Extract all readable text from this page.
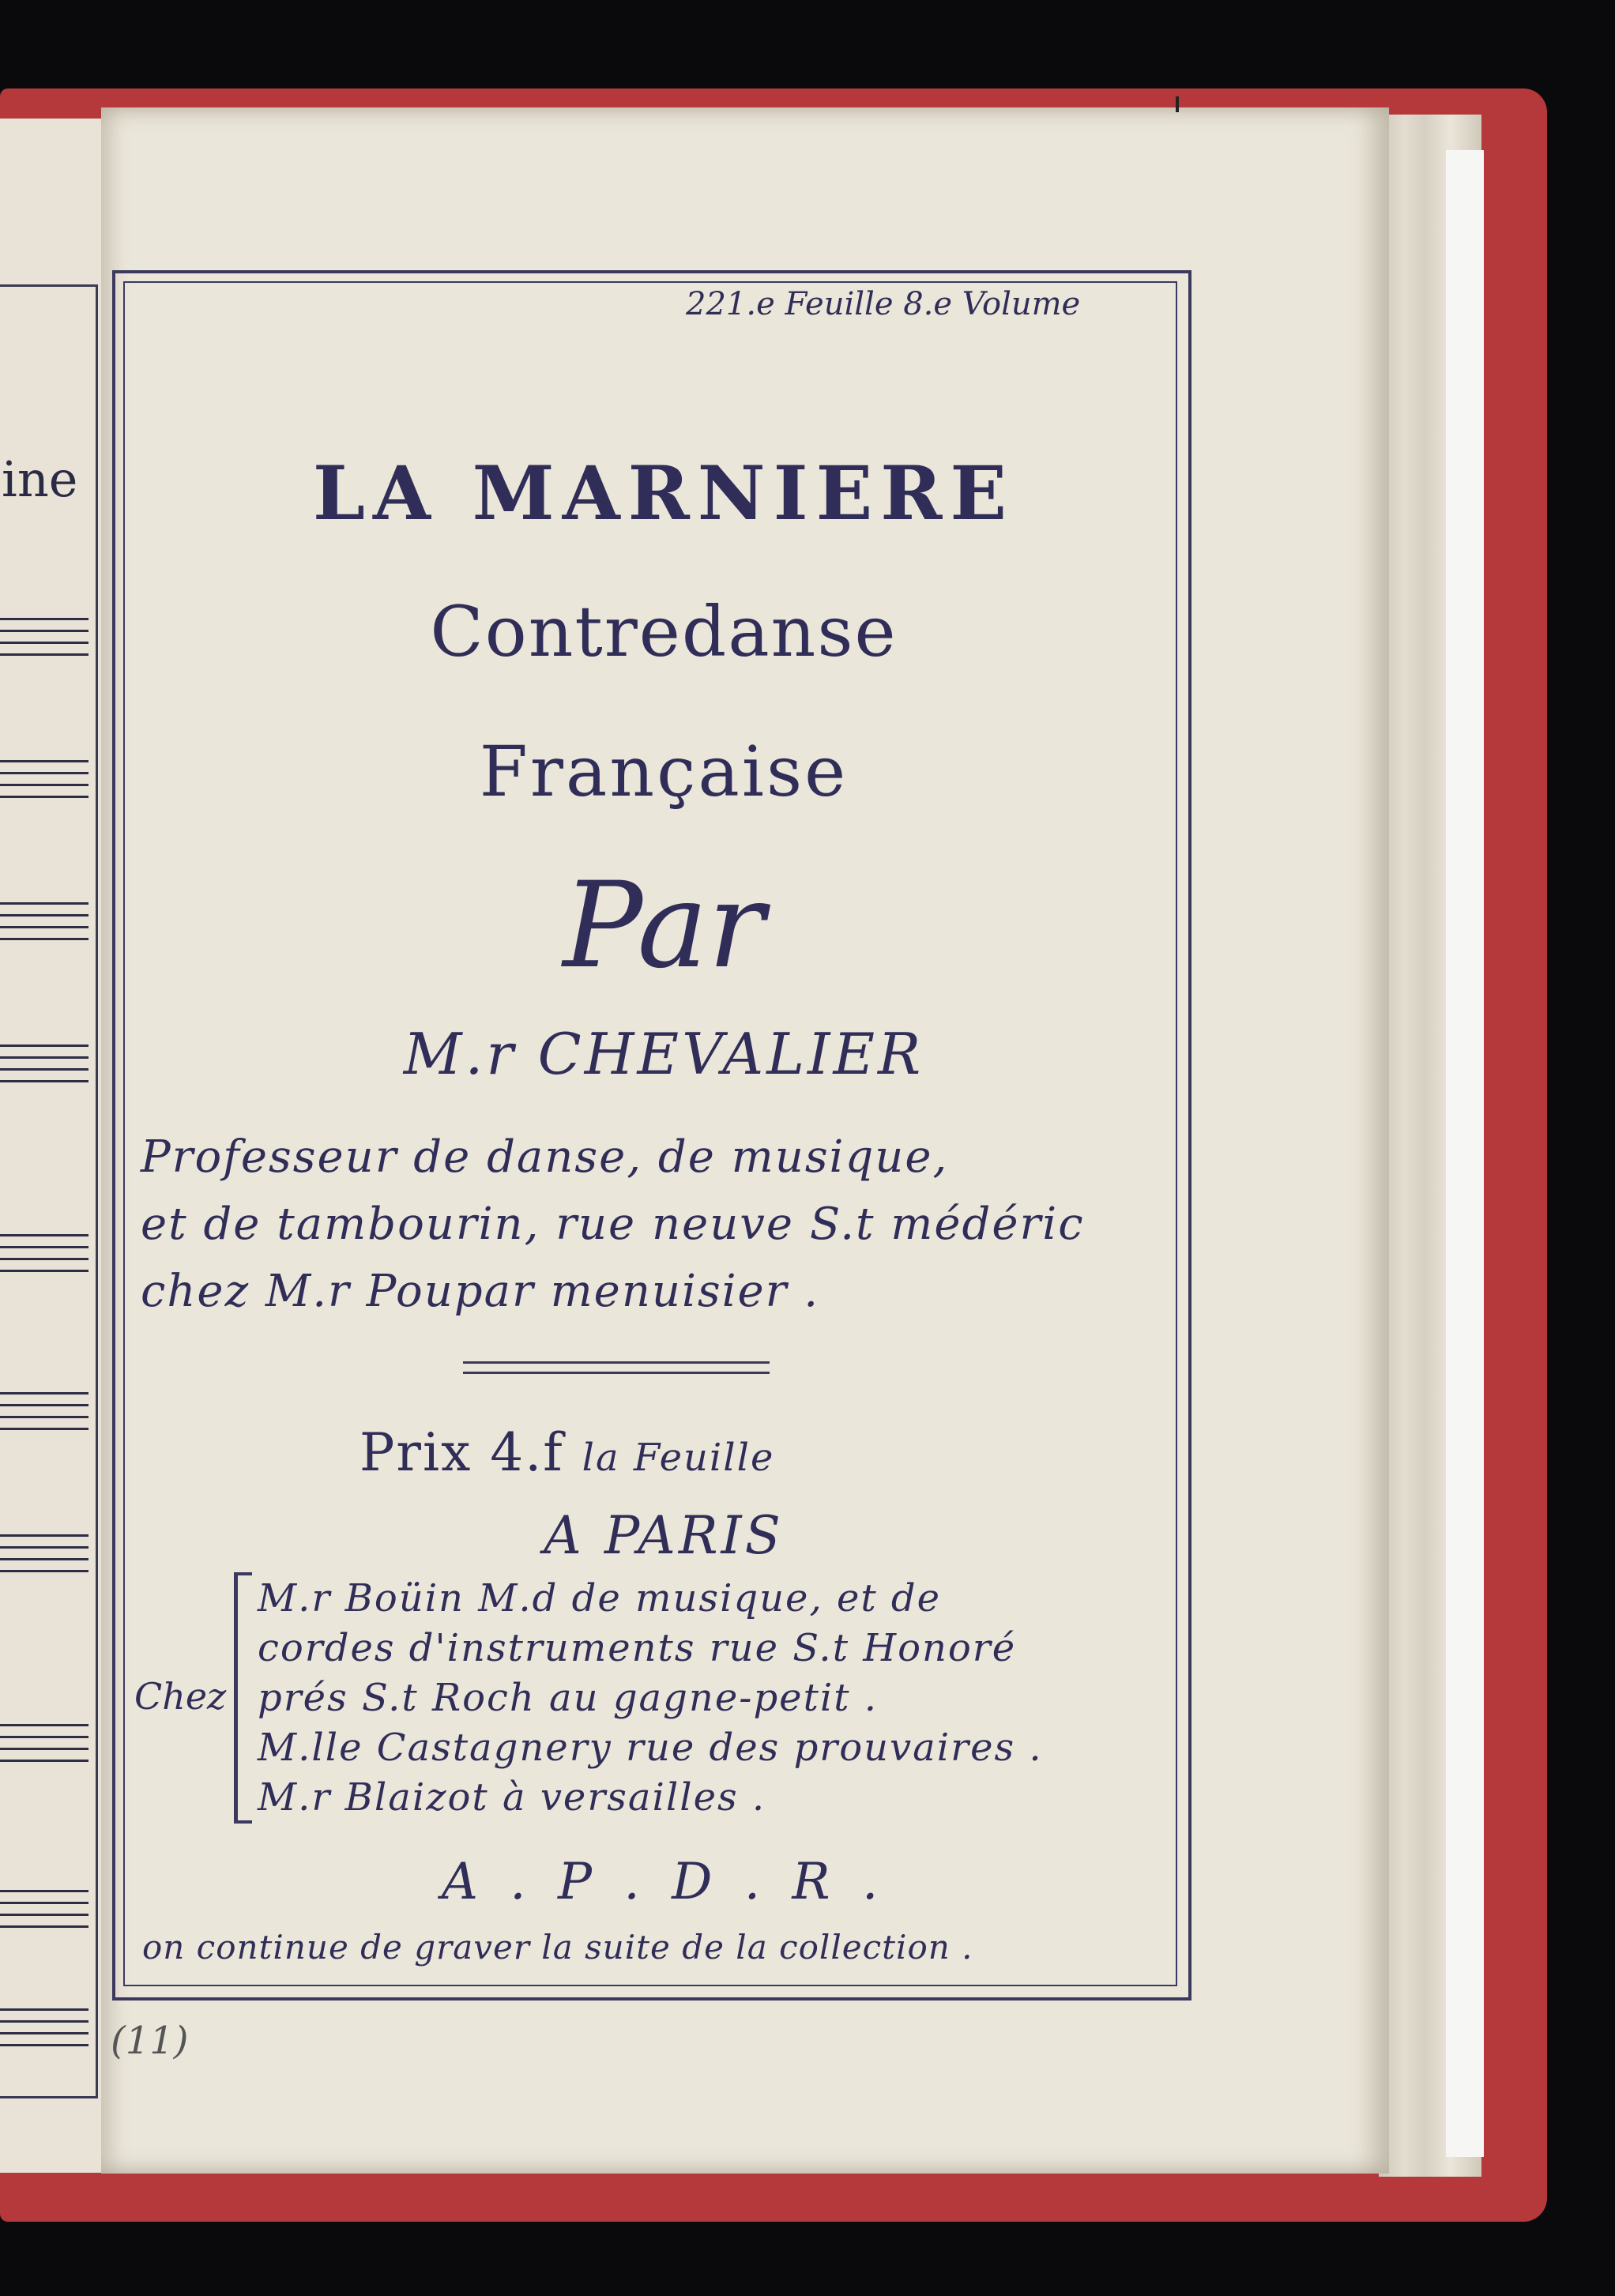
ine
221.e Feuille 8.e Volume
LA MARNIERE
Contredanse
Française
Par
M.r CHEVALIER
Professeur de danse, de musique,
et de tambourin, rue neuve S.t médéric
chez M.r Poupar menuisier .
Prix 4.f la Feuille
A PARIS
Chez
M.r Boüin M.d de musique, et de
cordes d'instruments rue S.t Honoré
prés S.t Roch au gagne-petit .
M.lle Castagnery rue des prouvaires .
M.r Blaizot à versailles .
A . P . D . R .
on continue de graver la suite de la collection .
(11)
